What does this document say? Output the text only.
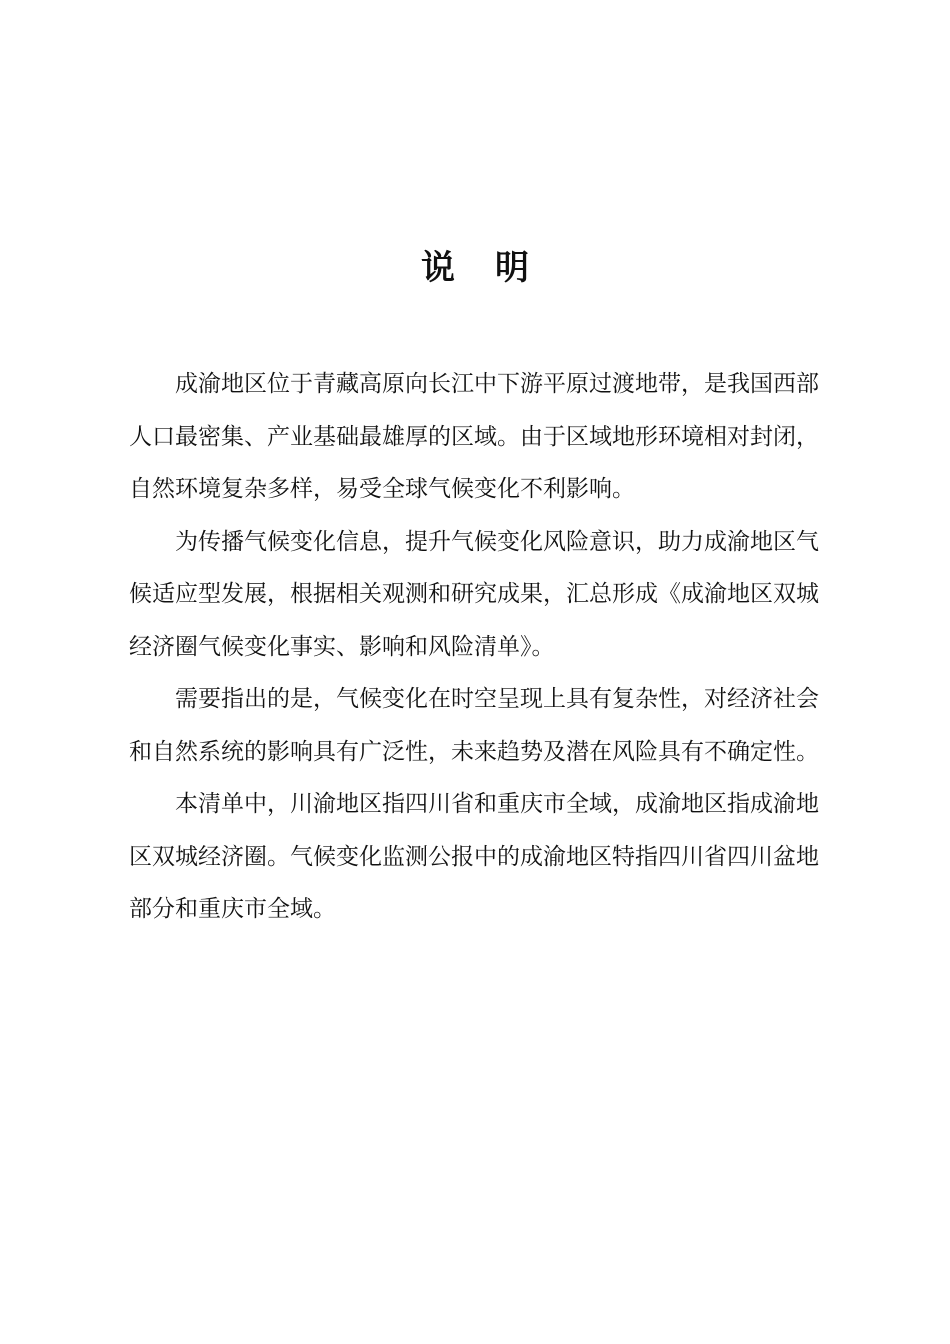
说明

成渝地区位于青藏高原向长江中下游平原过渡地带，是我国西部人口最密集、产业基础最雄厚的区域。由于区域地形环境相对封闭，自然环境复杂多样，易受全球气候变化不利影响。

为传播气候变化信息，提升气候变化风险意识，助力成渝地区气候适应型发展，根据相关观测和研究成果，汇总形成《成渝地区双城经济圈气候变化事实、影响和风险清单》。

需要指出的是，气候变化在时空呈现上具有复杂性，对经济社会和自然系统的影响具有广泛性，未来趋势及潜在风险具有不确定性。

本清单中，川渝地区指四川省和重庆市全域，成渝地区指成渝地区双城经济圈。气候变化监测公报中的成渝地区特指四川省四川盆地部分和重庆市全域。
